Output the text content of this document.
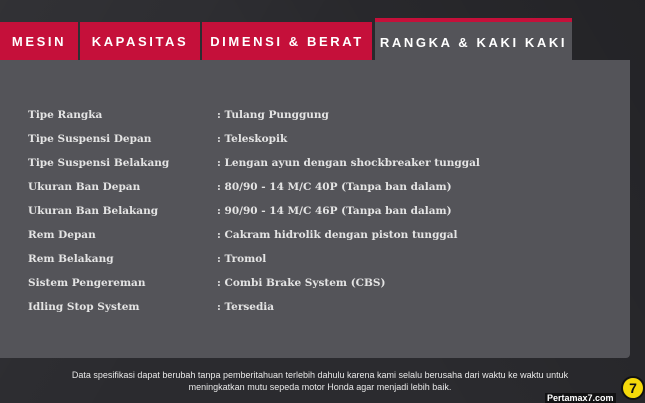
MESIN	KAPASITAS	DIMENSI & BERAT	RANGKA & KAKI KAKI
Tipe Rangka	: Tulang Punggung
Tipe Suspensi Depan	: Teleskopik
Tipe Suspensi Belakang	: Lengan ayun dengan shockbreaker tunggal
Ukuran Ban Depan	: 80/90 - 14 M/C 40P (Tanpa ban dalam)
Ukuran Ban Belakang	: 90/90 - 14 M/C 46P (Tanpa ban dalam)
Rem Depan	: Cakram hidrolik dengan piston tunggal
Rem Belakang	: Tromol
Sistem Pengereman	: Combi Brake System (CBS)
Idling Stop System	: Tersedia
Data spesifikasi dapat berubah tanpa pemberitahuan terlebih dahulu karena kami selalu berusaha dari waktu ke waktu untuk
meningkatkan mutu sepeda motor Honda agar menjadi lebih baik.
Pertamax7.com
7
